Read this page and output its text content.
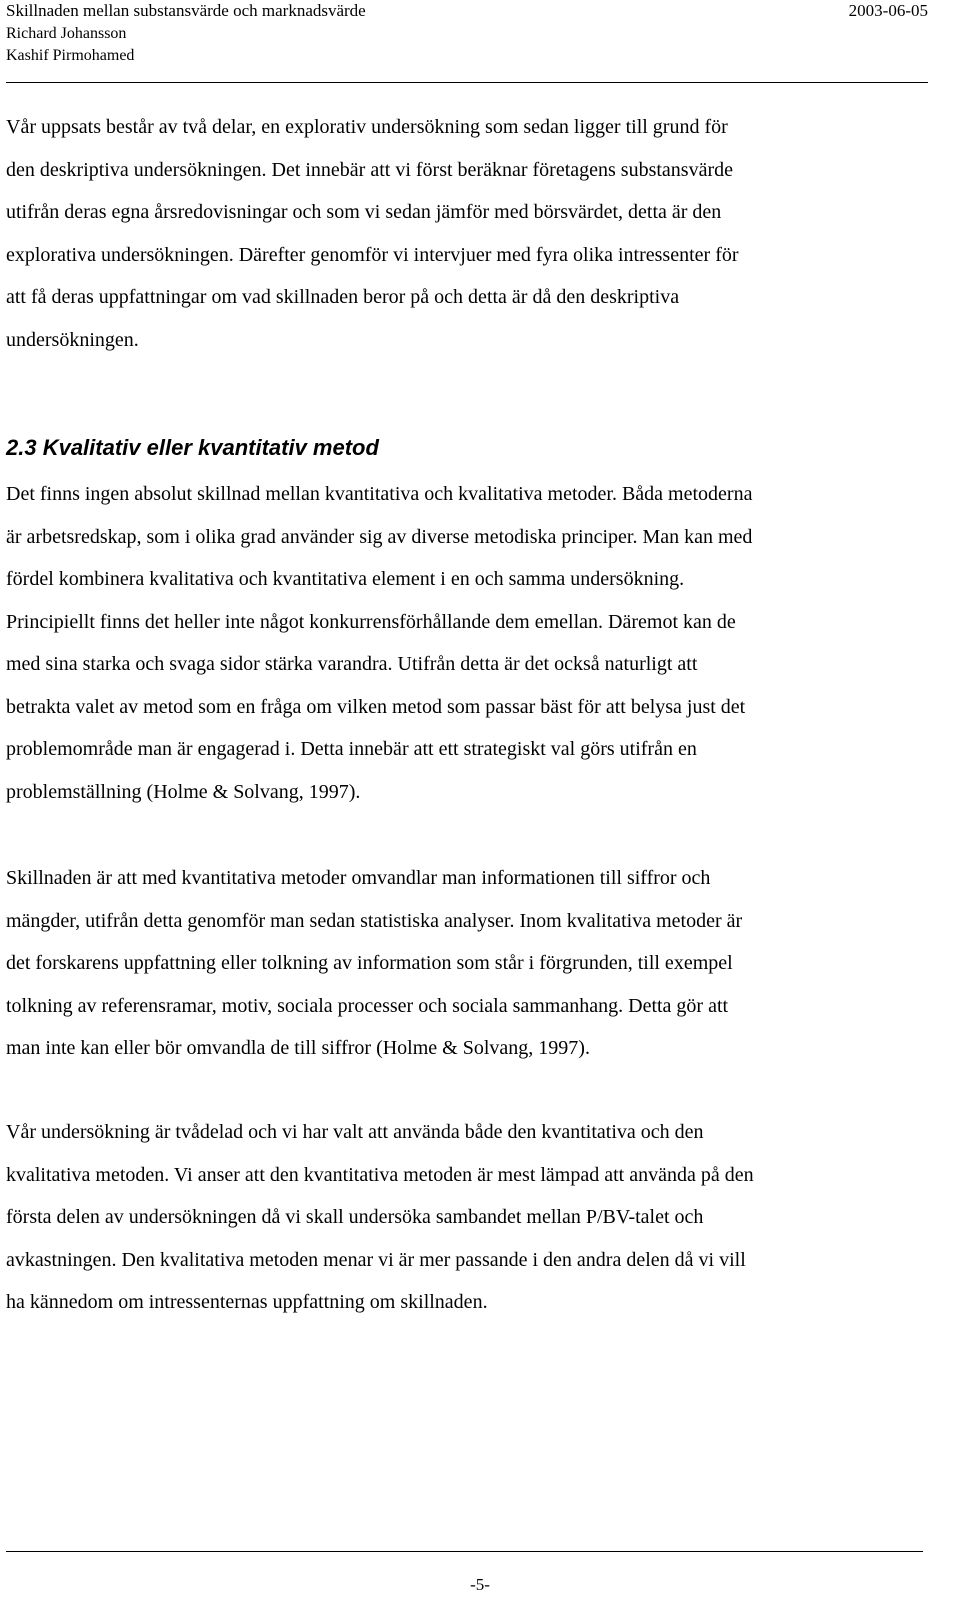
Skillnaden mellan substansvärde och marknadsvärde	2003-06-05
Richard Johansson
Kashif Pirmohamed

Vår uppsats består av två delar, en explorativ undersökning som sedan ligger till grund för
den deskriptiva undersökningen. Det innebär att vi först beräknar företagens substansvärde
utifrån deras egna årsredovisningar och som vi sedan jämför med börsvärdet, detta är den
explorativa undersökningen. Därefter genomför vi intervjuer med fyra olika intressenter för
att få deras uppfattningar om vad skillnaden beror på och detta är då den deskriptiva
undersökningen.

2.3 Kvalitativ eller kvantitativ metod

Det finns ingen absolut skillnad mellan kvantitativa och kvalitativa metoder. Båda metoderna
är arbetsredskap, som i olika grad använder sig av diverse metodiska principer. Man kan med
fördel kombinera kvalitativa och kvantitativa element i en och samma undersökning.
Principiellt finns det heller inte något konkurrensförhållande dem emellan. Däremot kan de
med sina starka och svaga sidor stärka varandra. Utifrån detta är det också naturligt att
betrakta valet av metod som en fråga om vilken metod som passar bäst för att belysa just det
problemområde man är engagerad i. Detta innebär att ett strategiskt val görs utifrån en
problemställning (Holme & Solvang, 1997).

Skillnaden är att med kvantitativa metoder omvandlar man informationen till siffror och
mängder, utifrån detta genomför man sedan statistiska analyser. Inom kvalitativa metoder är
det forskarens uppfattning eller tolkning av information som står i förgrunden, till exempel
tolkning av referensramar, motiv, sociala processer och sociala sammanhang. Detta gör att
man inte kan eller bör omvandla de till siffror (Holme & Solvang, 1997).

Vår undersökning är tvådelad och vi har valt att använda både den kvantitativa och den
kvalitativa metoden. Vi anser att den kvantitativa metoden är mest lämpad att använda på den
första delen av undersökningen då vi skall undersöka sambandet mellan P/BV-talet och
avkastningen. Den kvalitativa metoden menar vi är mer passande i den andra delen då vi vill
ha kännedom om intressenternas uppfattning om skillnaden.

-5-
